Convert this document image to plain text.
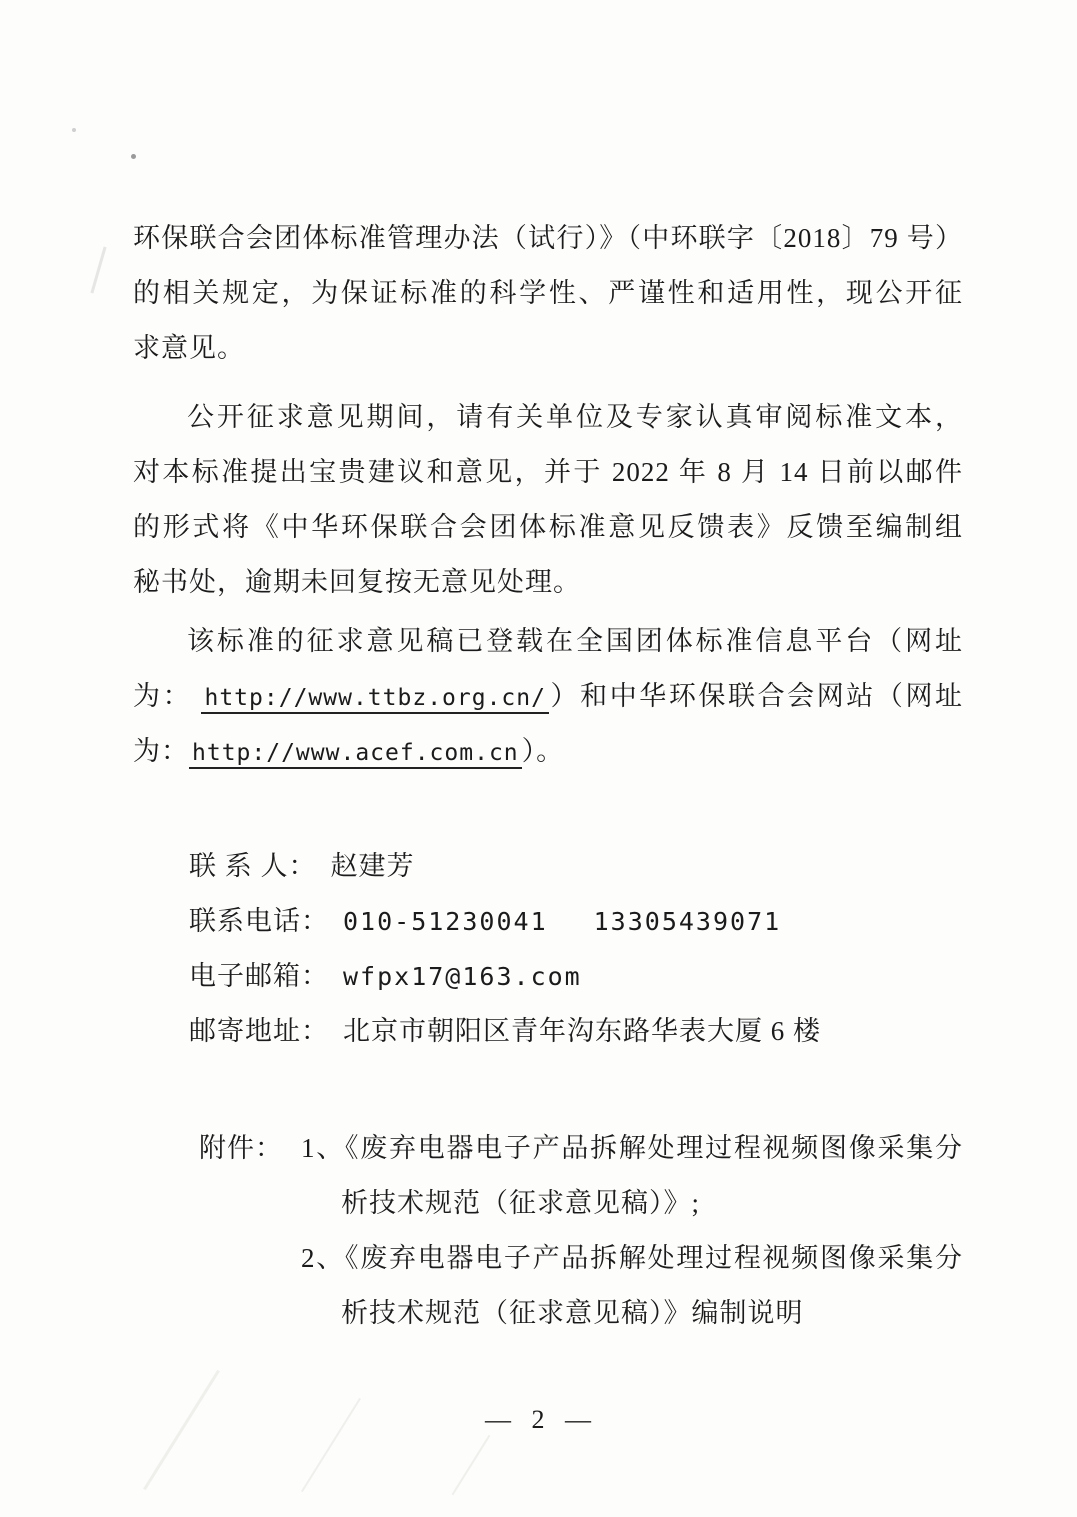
环保联合会团体标准管理办法（试行）》（中环联字〔2018〕79 号）
的相关规定，为保证标准的科学性、严谨性和适用性，现公开征
求意见。
公开征求意见期间，请有关单位及专家认真审阅标准文本，
对本标准提出宝贵建议和意见，并于 2022 年 8 月 14 日前以邮件
的形式将《中华环保联合会团体标准意见反馈表》反馈至编制组
秘书处，逾期未回复按无意见处理。
该标准的征求意见稿已登载在全国团体标准信息平台（网址
为： http://www.ttbz.org.cn/ ）和中华环保联合会网站（网址
为： http://www.acef.com.cn ）。
联 系 人： 赵建芳
联系电话： 010-51230041 13305439071
电子邮箱： wfpx17@163.com
邮寄地址： 北京市朝阳区青年沟东路华表大厦 6 楼
附件： 1、《废弃电器电子产品拆解处理过程视频图像采集分
析技术规范（征求意见稿）》;
2、《废弃电器电子产品拆解处理过程视频图像采集分
析技术规范（征求意见稿）》编制说明
— 2 —
